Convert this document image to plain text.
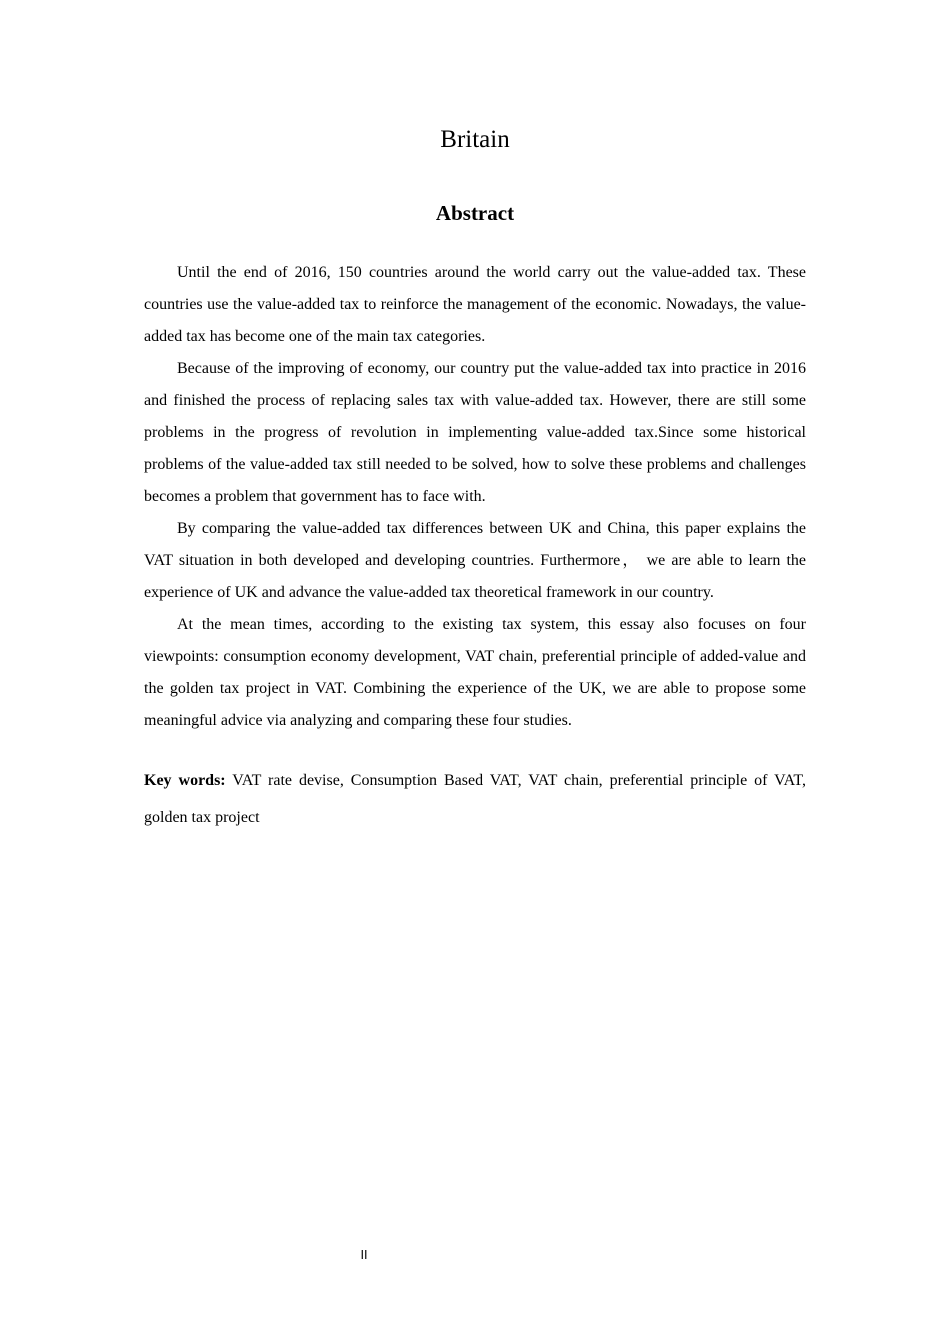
Britain
Abstract

Until the end of 2016, 150 countries around the world carry out the value-added tax. These countries use the value-added tax to reinforce the management of the economic. Nowadays, the value-added tax has become one of the main tax categories.

Because of the improving of economy, our country put the value-added tax into practice in 2016 and finished the process of replacing sales tax with value-added tax. However, there are still some problems in the progress of revolution in implementing value-added tax.Since some historical problems of the value-added tax still needed to be solved, how to solve these problems and challenges becomes a problem that government has to face with.

By comparing the value-added tax differences between UK and China, this paper explains the VAT situation in both developed and developing countries. Furthermore， we are able to learn the experience of UK and advance the value-added tax theoretical framework in our country.

At the mean times, according to the existing tax system, this essay also focuses on four viewpoints: consumption economy development, VAT chain, preferential principle of added-value and the golden tax project in VAT. Combining the experience of the UK, we are able to propose some meaningful advice via analyzing and comparing these four studies.

Key words: VAT rate devise, Consumption Based VAT, VAT chain, preferential principle of VAT, golden tax project

II
